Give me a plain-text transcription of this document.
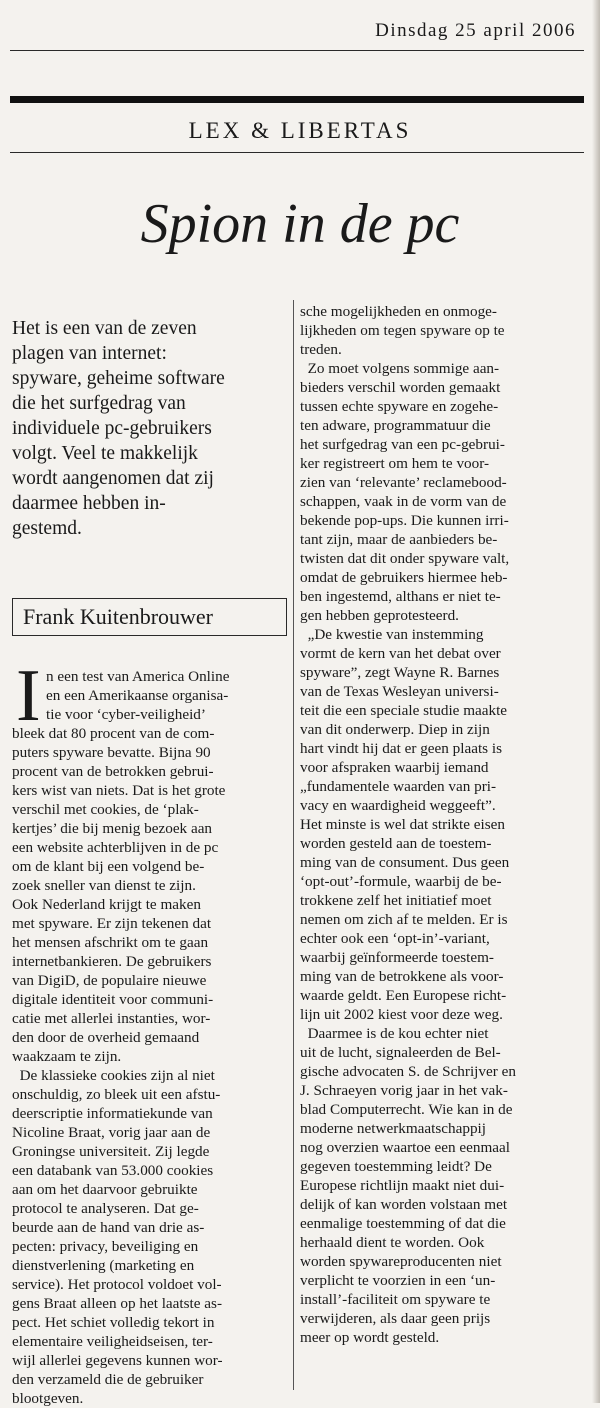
Dinsdag 25 april 2006
LEX & LIBERTAS
Spion in de pc

Het is een van de zeven

plagen van internet:

spyware, geheime software

die het surfgedrag van

individuele pc-gebruikers

volgt. Veel te makkelijk

wordt aangenomen dat zij

daarmee hebben in-

gestemd.

Frank Kuitenbrouwer
I n een test van America Online

en een Amerikaanse organisa-

tie voor ‘cyber-veiligheid’

bleek dat 80 procent van de com-

puters spyware bevatte. Bijna 90

procent van de betrokken gebrui-

kers wist van niets. Dat is het grote

verschil met cookies, de ‘plak-

kertjes’ die bij menig bezoek aan

een website achterblijven in de pc

om de klant bij een volgend be-

zoek sneller van dienst te zijn.

Ook Nederland krijgt te maken

met spyware. Er zijn tekenen dat

het mensen afschrikt om te gaan

internetbankieren. De gebruikers

van DigiD, de populaire nieuwe

digitale identiteit voor communi-

catie met allerlei instanties, wor-

den door de overheid gemaand

waakzaam te zijn.

De klassieke cookies zijn al niet

onschuldig, zo bleek uit een afstu-

deerscriptie informatiekunde van

Nicoline Braat, vorig jaar aan de

Groningse universiteit. Zij legde

een databank van 53.000 cookies

aan om het daarvoor gebruikte

protocol te analyseren. Dat ge-

beurde aan de hand van drie as-

pecten: privacy, beveiliging en

dienstverlening (marketing en

service). Het protocol voldoet vol-

gens Braat alleen op het laatste as-

pect. Het schiet volledig tekort in

elementaire veiligheidseisen, ter-

wijl allerlei gegevens kunnen wor-

den verzameld die de gebruiker

blootgeven.

sche mogelijkheden en onmoge-

lijkheden om tegen spyware op te

treden.

Zo moet volgens sommige aan-

bieders verschil worden gemaakt

tussen echte spyware en zogehe-

ten adware, programmatuur die

het surfgedrag van een pc-gebrui-

ker registreert om hem te voor-

zien van ‘relevante’ reclamebood-

schappen, vaak in de vorm van de

bekende pop-ups. Die kunnen irri-

tant zijn, maar de aanbieders be-

twisten dat dit onder spyware valt,

omdat de gebruikers hiermee heb-

ben ingestemd, althans er niet te-

gen hebben geprotesteerd.

„De kwestie van instemming

vormt de kern van het debat over

spyware”, zegt Wayne R. Barnes

van de Texas Wesleyan universi-

teit die een speciale studie maakte

van dit onderwerp. Diep in zijn

hart vindt hij dat er geen plaats is

voor afspraken waarbij iemand

„fundamentele waarden van pri-

vacy en waardigheid weggeeft”.

Het minste is wel dat strikte eisen

worden gesteld aan de toestem-

ming van de consument. Dus geen

‘opt-out’-formule, waarbij de be-

trokkene zelf het initiatief moet

nemen om zich af te melden. Er is

echter ook een ‘opt-in’-variant,

waarbij geïnformeerde toestem-

ming van de betrokkene als voor-

waarde geldt. Een Europese richt-

lijn uit 2002 kiest voor deze weg.

Daarmee is de kou echter niet

uit de lucht, signaleerden de Bel-

gische advocaten S. de Schrijver en

J. Schraeyen vorig jaar in het vak-

blad Computerrecht. Wie kan in de

moderne netwerkmaatschappij

nog overzien waartoe een eenmaal

gegeven toestemming leidt? De

Europese richtlijn maakt niet dui-

delijk of kan worden volstaan met

eenmalige toestemming of dat die

herhaald dient te worden. Ook

worden spywareproducenten niet

verplicht te voorzien in een ‘un-

install’-faciliteit om spyware te

verwijderen, als daar geen prijs

meer op wordt gesteld.
